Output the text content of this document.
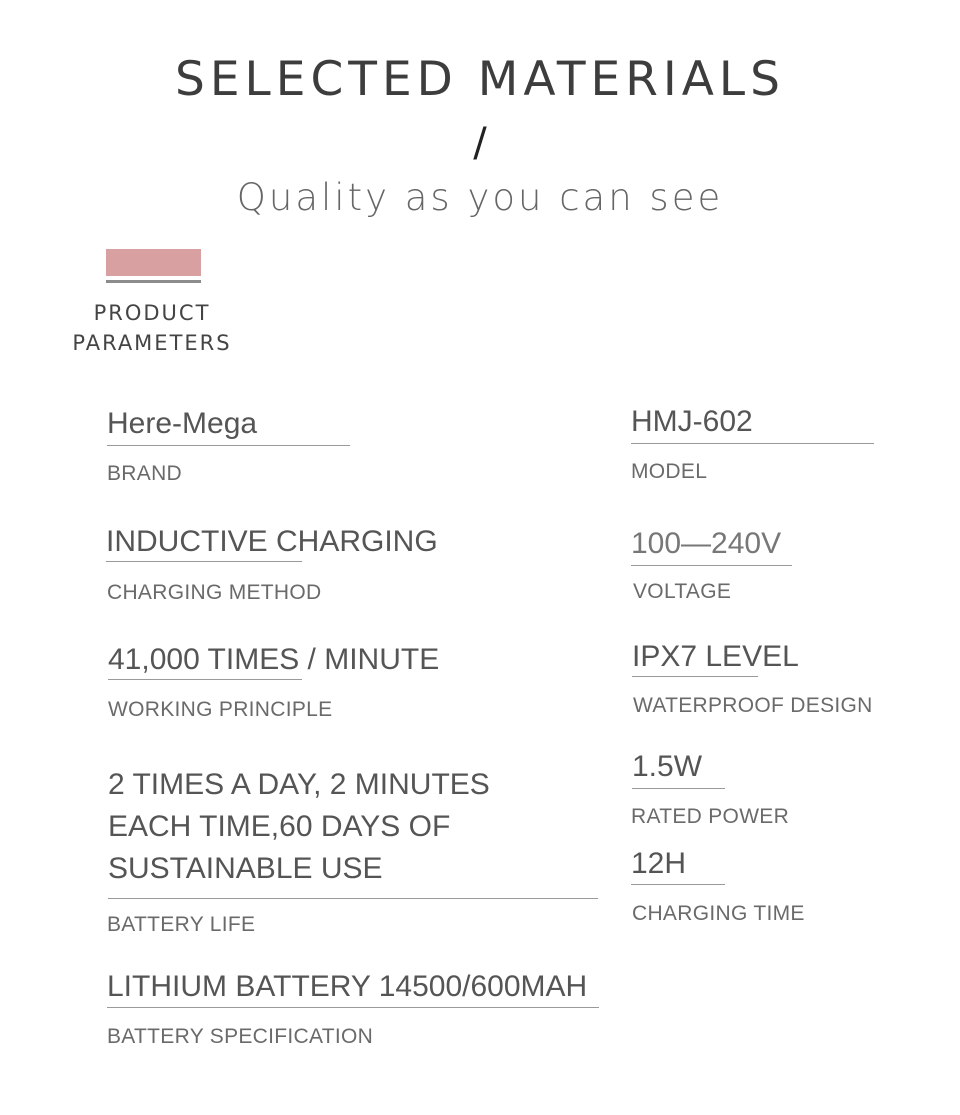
SELECTED MATERIALS
/
Quality as you can see
PRODUCT
PARAMETERS
Here-Mega
BRAND
INDUCTIVE CHARGING
CHARGING METHOD
41,000 TIMES / MINUTE
WORKING PRINCIPLE
2 TIMES A DAY, 2 MINUTES
EACH TIME,60 DAYS OF
SUSTAINABLE USE
BATTERY LIFE
LITHIUM BATTERY 14500/600MAH
BATTERY SPECIFICATION
HMJ-602
MODEL
100—240V
VOLTAGE
IPX7 LEVEL
WATERPROOF DESIGN
1.5W
RATED POWER
12H
CHARGING TIME
